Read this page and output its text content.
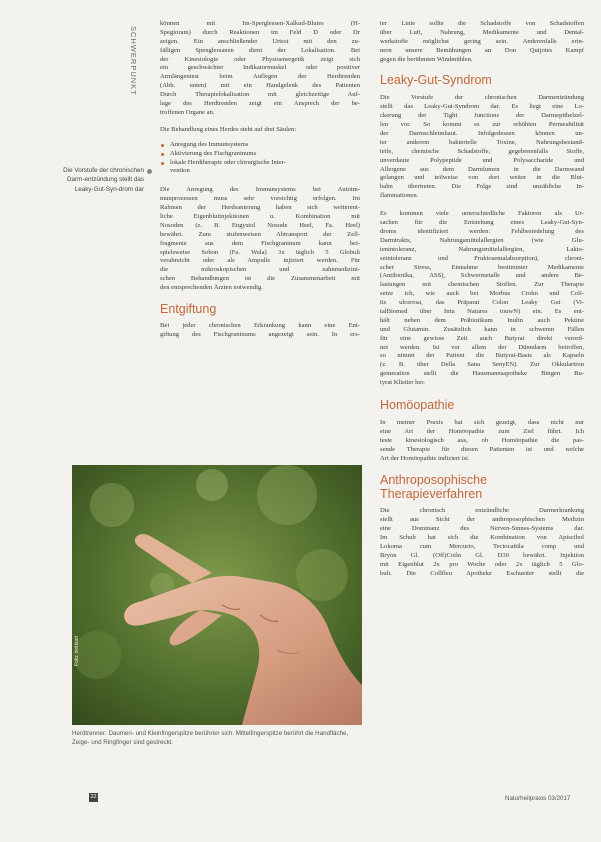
SCHWERPUNKT
Die Vorstufe der chronischen Darm-entzündung stellt das Leaky-Gut-Syn-drom dar
können mit Im-Sperglessen-Xalkud-Blutes (H-
Spegioram) durch Reaktionen im Feld D oder Dr
zeigen. Ein anschließender Urtest mit den zu-
fälligen Spenglersanen dient der Lokalisation. Bei
der Kinesiologie oder Physioenergetik zeigt sich
ein geschwächter Indikatormuskel oder positiver
Armlängentest beim Auflegen der Herdtrenden
(Abb. unten) mit ein Handgelenk des Patienten
Durch Therapielokalisation mit gleichzeitige Auf-
lage des Herdtrenden zeigt ein Ansprech der be-
troffenen Organe an.
Die Behandlung eines Herdes steht auf drei Säulen:
Anregung des Immunsystems
Aktivierung des Fischgraninums
lokale Herdtherapie oder chirurgische Inter-
vention
Die Anregung des Immunsystems bei Autoim-
munprozessen muss sehr vorsichtig erfolgen. Im
Rahmen der Herdsanierung haben sich weiterent-
liche Eigenblutinjektionen u. Kombination mit
Nosoden (z. B. Engystol Nosode Heel, Fa. Heel)
bewährt. Zum stufenweisen Abtransport der Zell-
fragmente aus dem Fischgraninum kann bei-
spielsweise Sobon (Fa. Wala) 3x täglich 5 Globuli
verabreicht oder als Ampulle injiziert werden. Für
die mikroskopischen und zahnmedizini-
schen Behandlungen ist die Zusammenarbeit mit
den entsprechenden Ärzten notwendig.
Entgiftung
Bei jeder chronischen Erkrankung kann eine Ent-
giftung des Fischgraninums angezeigt sein. In ers-
Foto: zeitblatt
Herdtrenner: Daumen- und Kleinfingerspitze berühren sich. Mittelfingerspitze berührt die Handfläche, Zeige- und Ringfinger sind gestreckt.
ter Linie sollte die Schadstoffe von Schadstoffen
über Luft, Nahrung, Medikamente und Dental-
werkstoffe möglichst gering sein. Anderenfalls erin-
nern unsere Bemühungen an Don Quijotes Kampf
gegen die berühmten Windmühlen.
Leaky-Gut-Syndrom
Die Vorstufe der chronischen Darmentzündung
stellt das Leaky-Gut-Syndrom dar. Es liegt eine Lo-
ckerung der Tight Junctions der Darmepithelzel-
len vor. So kommt es zur erhöhten Permeabilität
der Darmschleimhaut. Infolgedessen können un-
ter anderem bakterielle Toxine, Nahrungsbestand-
teile, chemische Schadstoffe, gegebenenfalls Stoffe,
unverdaute Polypeptide und Polysaccharide und
Allergene aus dem Darmlumen in die Darmwand
gelangen und teilweise von dort weiter in die Blut-
bahn übertreten. Die Folge sind unzähliche In-
flammationen.
Es kommen viele unterschiedliche Faktoren als Ur-
sachen für die Entstehung eines Leaky-Gut-Syn-
droms identifiziert werden: Fehlbesiedelung des
Darmtrakts, Nahrungsmittelallergien (wie Glu-
tenintoleranz, Nahrungsmittelallergien, Lakto-
seintoleranz und Fruktosemalabsorption), chroni-
scher Stress, Einnahme bestimmter Medikamente
(Antibiotika, ASS), Schwermetalle und andere Be-
lastungen mit chemischen Stoffen. Zur Therapie
setze ich, wie auch bei Morbus Crohn und Coli-
tis ulcerosa, das Präparat Colon Leaky Gut (Vi-
talBiomed über Intu Natures touwN) ein. Es ent-
hält neben dem Präbiotikum Inulin auch Pektine
und Glutamin. Zusätzlich kann in schweren Fällen
für eine gewisse Zeit auch Butyrat direkt verord-
net werden. Ist vor allem der Dünndarm betroffen,
so nimmt der Patient die Butyrat-Basis als Kapseln
(z. B. über Della Sana SenyEN). Zur Okkulartron
gemeration stellt die Hausmannsapotheke Bingen Bu-
tyrat Klistier her.
Homöopathie
In meiner Praxis hat sich gezeigt, dass nicht nur
eine Art der Homöopathie zum Ziel führt. Ich
teste kinesiologisch aus, ob Homöopathie die pas-
sende Therapie für diesen Patienten ist und welche
Art der Homöopathie indiziert ist.
Anthroposophische
Therapieverfahren
Die chronisch entzündliche Darmerkrankung
stellt aus Sicht der anthroposophischen Medizin
eine Dominanz des Nerven-Sinnes-Systems dar.
Im Schub hat sich die Kombination von Apiscibol
Lokoma cum Mercurio, Tectocattila comp und
Bryon Gl. (Off)Coiln Gl. D30 bewährt. Injektion
mit Eigenblut 2x pro Woche oder 2x täglich 5 Glo-
buli. Die Collfleu Apotheke Eschuetter stellt die
22	Naturheilpraxis 03/2017
